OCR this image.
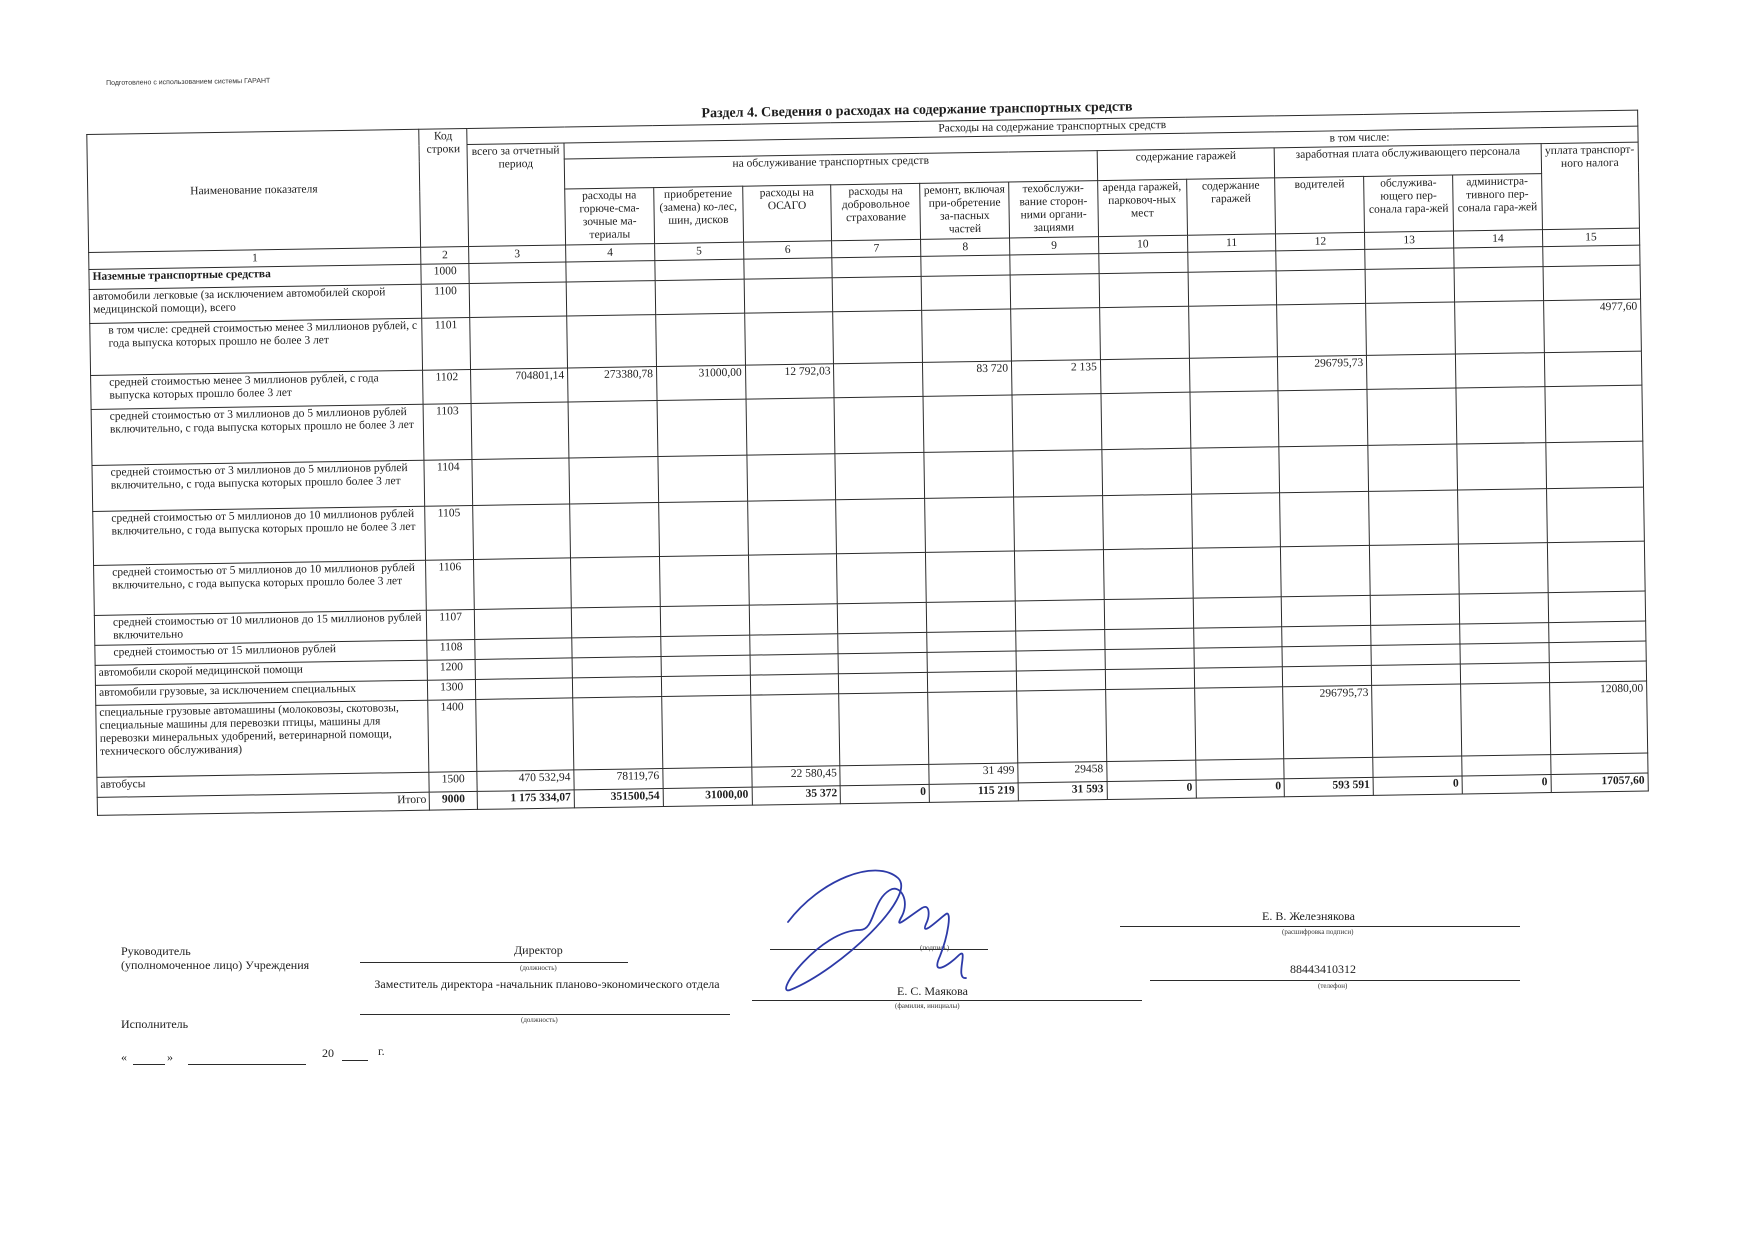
Подготовлено с использованием системы ГАРАНТ
Раздел 4. Сведения о расходах на содержание транспортных средств
Наименование показателя	Код строки	Расходы на содержание транспортных средств												
		всего за отчетный период	в том числе:											
			на обслуживание транспортных средств						содержание гаражей		заработная плата обслуживающего персонала			уплата транспорт-ного налога
			расходы на горюче-сма-зочные ма-териалы	приобретение (замена) ко-лес, шин, дисков	расходы на ОСАГО	расходы на добровольное страхование	ремонт, включая при-обретение за-пасных частей	техобслужи-вание сторон-ними органи-зациями	аренда гаражей, парковоч-ных мест	содержание гаражей	водителей	обслужива-ющего пер-сонала гара-жей	администра-тивного пер-сонала гара-жей	
1	2	3	4	5	6	7	8	9	10	11	12	13	14	15
Наземные транспортные средства	1000													
автомобили легковые (за исключением автомобилей скорой медицинской помощи), всего	1100													
в том числе: средней стоимостью менее 3 миллионов рублей, с года выпуска которых прошло не более 3 лет	1101													4977,60
средней стоимостью менее 3 миллионов рублей, с года выпуска которых прошло более 3 лет	1102	704801,14	273380,78	31000,00	12 792,03		83 720	2 135			296795,73			
средней стоимостью от 3 миллионов до 5 миллионов рублей включительно, с года выпуска которых прошло не более 3 лет	1103													
средней стоимостью от 3 миллионов до 5 миллионов рублей включительно, с года выпуска которых прошло более 3 лет	1104													
средней стоимостью от 5 миллионов до 10 миллионов рублей включительно, с года выпуска которых прошло не более 3 лет	1105													
средней стоимостью от 5 миллионов до 10 миллионов рублей включительно, с года выпуска которых прошло более 3 лет	1106													
средней стоимостью от 10 миллионов до 15 миллионов рублей включительно	1107													
средней стоимостью от 15 миллионов рублей	1108													
автомобили скорой медицинской помощи	1200													
автомобили грузовые, за исключением специальных	1300													
специальные грузовые автомашины (молоковозы, скотовозы, специальные машины для перевозки птицы, машины для перевозки минеральных удобрений, ветеринарной помощи, технического обслуживания)	1400										296795,73			12080,00
автобусы	1500	470 532,94	78119,76		22 580,45		31 499	29458						
Итого	9000	1 175 334,07	351500,54	31000,00	35 372	0	115 219	31 593	0	0	593 591	0	0	17057,60
Руководитель
(уполномоченное лицо) Учреждения
Директор
(должность)
(подпись)
Е. В. Железнякова
(расшифровка подписи)
Заместитель директора -начальник планово-экономического отдела
(должность)
Е. С. Маякова
(фамилия, инициалы)
88443410312
(телефон)
Исполнитель
«	»	20	г.
